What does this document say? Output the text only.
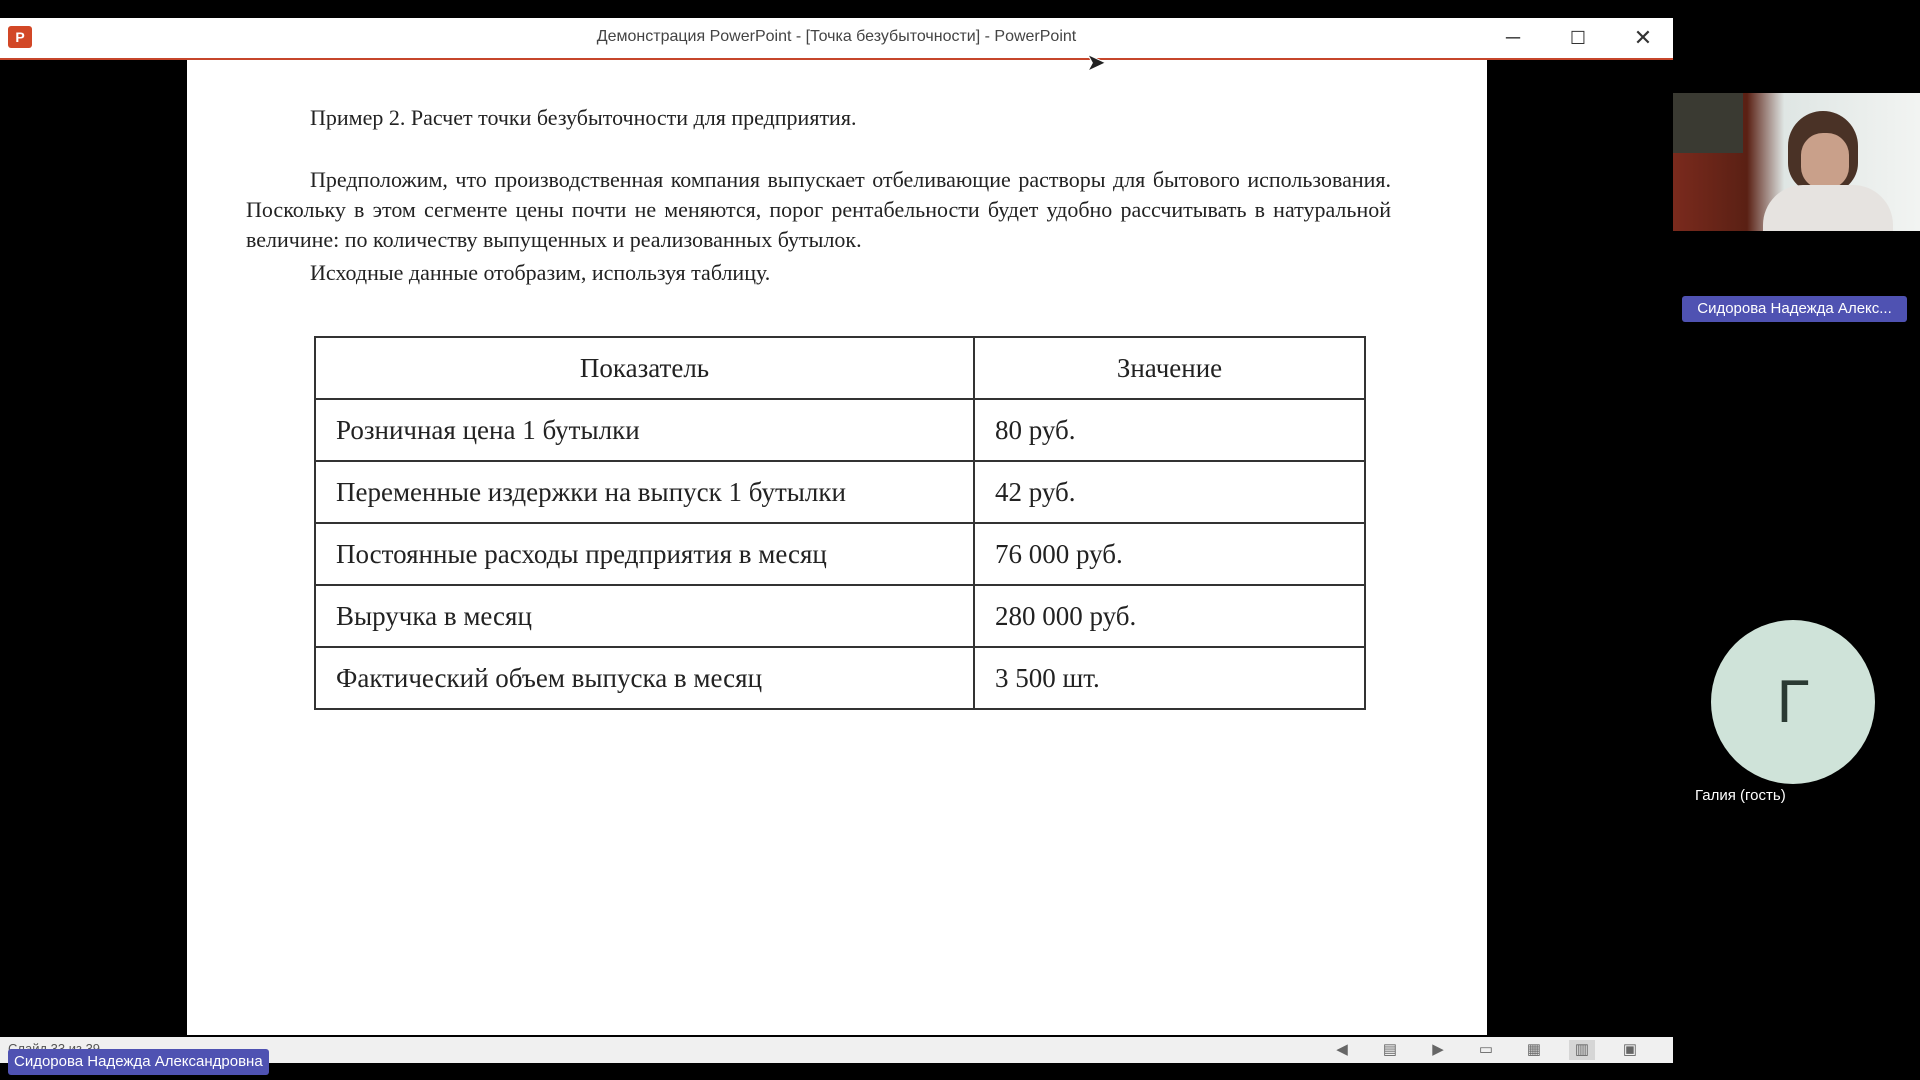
P	Демонстрация PowerPoint - [Точка безубыточности] - PowerPoint	─	☐	✕

Пример 2. Расчет точки безубыточности для предприятия.

Предположим, что производственная компания выпускает отбеливающие растворы для бытового использования. Поскольку в этом сегменте цены почти не меняются, порог рентабельности будет удобно рассчитывать в натуральной величине: по количеству выпущенных и реализованных бутылок.

Исходные данные отобразим, используя таблицу.

Показатель	Значение
Розничная цена 1 бутылки	80 руб.
Переменные издержки на выпуск 1 бутылки	42 руб.
Постоянные расходы предприятия в месяц	76 000 руб.
Выручка в месяц	280 000 руб.
Фактический объем выпуска в месяц	3 500 шт.
◀	▤	▶	▭	▦	▥	▣
➤
Сидорова Надежда Алекс...
Г
Галия (гость)
Сидорова Надежда Александровна
